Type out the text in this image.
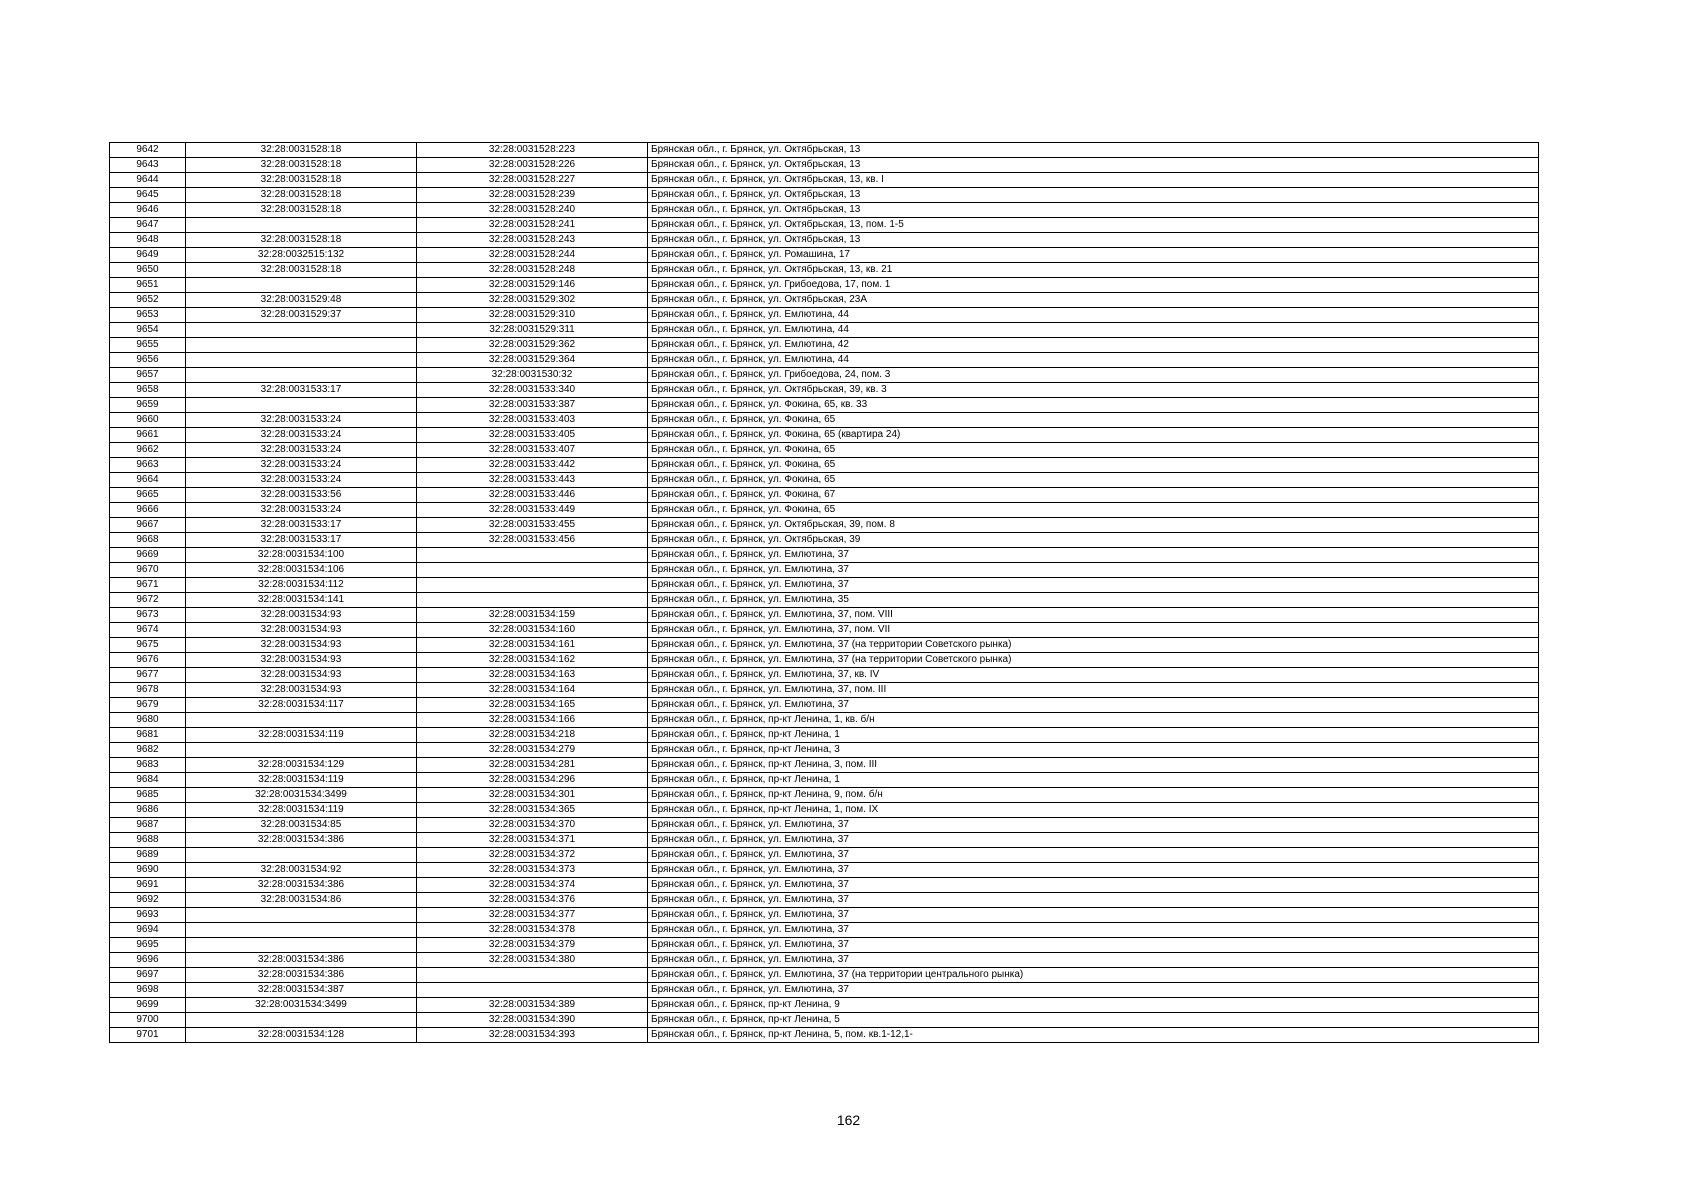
9642	32:28:0031528:18	32:28:0031528:223	Брянская обл., г. Брянск, ул. Октябрьская, 13
9643	32:28:0031528:18	32:28:0031528:226	Брянская обл., г. Брянск, ул. Октябрьская, 13
9644	32:28:0031528:18	32:28:0031528:227	Брянская обл., г. Брянск, ул. Октябрьская, 13, кв. I
9645	32:28:0031528:18	32:28:0031528:239	Брянская обл., г. Брянск, ул. Октябрьская, 13
9646	32:28:0031528:18	32:28:0031528:240	Брянская обл., г. Брянск, ул. Октябрьская, 13
9647		32:28:0031528:241	Брянская обл., г. Брянск, ул. Октябрьская, 13, пом. 1-5
9648	32:28:0031528:18	32:28:0031528:243	Брянская обл., г. Брянск, ул. Октябрьская, 13
9649	32:28:0032515:132	32:28:0031528:244	Брянская обл., г. Брянск, ул. Ромашина, 17
9650	32:28:0031528:18	32:28:0031528:248	Брянская обл., г. Брянск, ул. Октябрьская, 13, кв. 21
9651		32:28:0031529:146	Брянская обл., г. Брянск, ул. Грибоедова, 17, пом. 1
9652	32:28:0031529:48	32:28:0031529:302	Брянская обл., г. Брянск, ул. Октябрьская, 23А
9653	32:28:0031529:37	32:28:0031529:310	Брянская обл., г. Брянск, ул. Емлютина, 44
9654		32:28:0031529:311	Брянская обл., г. Брянск, ул. Емлютина, 44
9655		32:28:0031529:362	Брянская обл., г. Брянск, ул. Емлютина, 42
9656		32:28:0031529:364	Брянская обл., г. Брянск, ул. Емлютина, 44
9657		32:28:0031530:32	Брянская обл., г. Брянск, ул. Грибоедова, 24, пом. 3
9658	32:28:0031533:17	32:28:0031533:340	Брянская обл., г. Брянск, ул. Октябрьская, 39, кв. 3
9659		32:28:0031533:387	Брянская обл., г. Брянск, ул. Фокина, 65, кв. 33
9660	32:28:0031533:24	32:28:0031533:403	Брянская обл., г. Брянск, ул. Фокина, 65
9661	32:28:0031533:24	32:28:0031533:405	Брянская обл., г. Брянск, ул. Фокина, 65 (квартира 24)
9662	32:28:0031533:24	32:28:0031533:407	Брянская обл., г. Брянск, ул. Фокина, 65
9663	32:28:0031533:24	32:28:0031533:442	Брянская обл., г. Брянск, ул. Фокина, 65
9664	32:28:0031533:24	32:28:0031533:443	Брянская обл., г. Брянск, ул. Фокина, 65
9665	32:28:0031533:56	32:28:0031533:446	Брянская обл., г. Брянск, ул. Фокина, 67
9666	32:28:0031533:24	32:28:0031533:449	Брянская обл., г. Брянск, ул. Фокина, 65
9667	32:28:0031533:17	32:28:0031533:455	Брянская обл., г. Брянск, ул. Октябрьская, 39, пом. 8
9668	32:28:0031533:17	32:28:0031533:456	Брянская обл., г. Брянск, ул. Октябрьская, 39
9669	32:28:0031534:100		Брянская обл., г. Брянск, ул. Емлютина, 37
9670	32:28:0031534:106		Брянская обл., г. Брянск, ул. Емлютина, 37
9671	32:28:0031534:112		Брянская обл., г. Брянск, ул. Емлютина, 37
9672	32:28:0031534:141		Брянская обл., г. Брянск, ул. Емлютина, 35
9673	32:28:0031534:93	32:28:0031534:159	Брянская обл., г. Брянск, ул. Емлютина, 37, пом. VIII
9674	32:28:0031534:93	32:28:0031534:160	Брянская обл., г. Брянск, ул. Емлютина, 37, пом. VII
9675	32:28:0031534:93	32:28:0031534:161	Брянская обл., г. Брянск, ул. Емлютина, 37 (на территории Советского рынка)
9676	32:28:0031534:93	32:28:0031534:162	Брянская обл., г. Брянск, ул. Емлютина, 37 (на территории Советского рынка)
9677	32:28:0031534:93	32:28:0031534:163	Брянская обл., г. Брянск, ул. Емлютина, 37, кв. IV
9678	32:28:0031534:93	32:28:0031534:164	Брянская обл., г. Брянск, ул. Емлютина, 37, пом. III
9679	32:28:0031534:117	32:28:0031534:165	Брянская обл., г. Брянск, ул. Емлютина, 37
9680		32:28:0031534:166	Брянская обл., г. Брянск, пр-кт Ленина, 1, кв. б/н
9681	32:28:0031534:119	32:28:0031534:218	Брянская обл., г. Брянск, пр-кт Ленина, 1
9682		32:28:0031534:279	Брянская обл., г. Брянск, пр-кт Ленина, 3
9683	32:28:0031534:129	32:28:0031534:281	Брянская обл., г. Брянск, пр-кт Ленина, 3, пом. III
9684	32:28:0031534:119	32:28:0031534:296	Брянская обл., г. Брянск, пр-кт Ленина, 1
9685	32:28:0031534:3499	32:28:0031534:301	Брянская обл., г. Брянск, пр-кт Ленина, 9, пом. б/н
9686	32:28:0031534:119	32:28:0031534:365	Брянская обл., г. Брянск, пр-кт Ленина, 1, пом. IX
9687	32:28:0031534:85	32:28:0031534:370	Брянская обл., г. Брянск, ул. Емлютина, 37
9688	32:28:0031534:386	32:28:0031534:371	Брянская обл., г. Брянск, ул. Емлютина, 37
9689		32:28:0031534:372	Брянская обл., г. Брянск, ул. Емлютина, 37
9690	32:28:0031534:92	32:28:0031534:373	Брянская обл., г. Брянск, ул. Емлютина, 37
9691	32:28:0031534:386	32:28:0031534:374	Брянская обл., г. Брянск, ул. Емлютина, 37
9692	32:28:0031534:86	32:28:0031534:376	Брянская обл., г. Брянск, ул. Емлютина, 37
9693		32:28:0031534:377	Брянская обл., г. Брянск, ул. Емлютина, 37
9694		32:28:0031534:378	Брянская обл., г. Брянск, ул. Емлютина, 37
9695		32:28:0031534:379	Брянская обл., г. Брянск, ул. Емлютина, 37
9696	32:28:0031534:386	32:28:0031534:380	Брянская обл., г. Брянск, ул. Емлютина, 37
9697	32:28:0031534:386		Брянская обл., г. Брянск, ул. Емлютина, 37 (на территории центрального рынка)
9698	32:28:0031534:387		Брянская обл., г. Брянск, ул. Емлютина, 37
9699	32:28:0031534:3499	32:28:0031534:389	Брянская обл., г. Брянск, пр-кт Ленина, 9
9700		32:28:0031534:390	Брянская обл., г. Брянск, пр-кт Ленина, 5
9701	32:28:0031534:128	32:28:0031534:393	Брянская обл., г. Брянск, пр-кт Ленина, 5, пом. кв.1-12,1-
162
